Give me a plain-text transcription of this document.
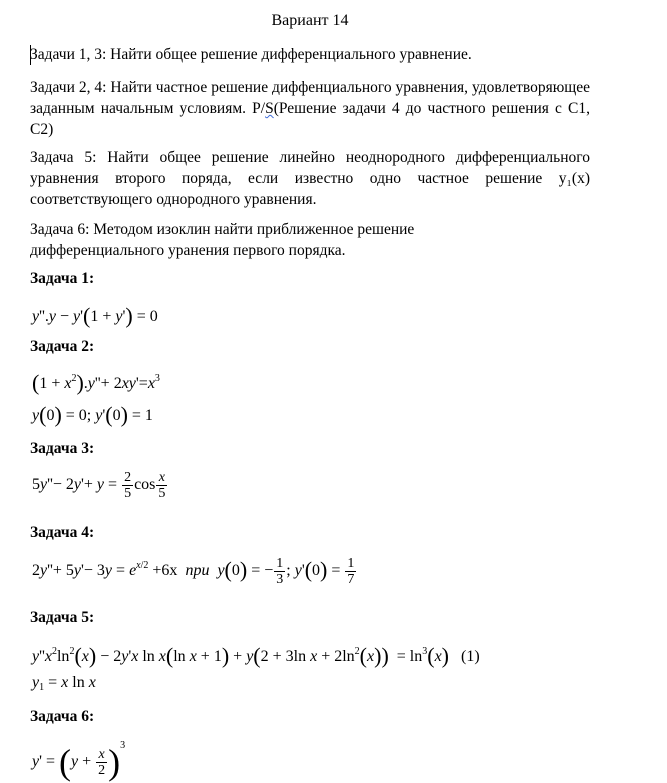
Вариант 14
Задачи 1, 3: Найти общее решение дифференциального уравнение.
Задачи 2, 4: Найти частное решение диффенциального уравнения, удовлетворяющее заданным начальным условиям. P/S(Решение задачи 4 до частного решения с С1, С2)
Задача 5: Найти общее решение линейно неоднородного дифференциального уравнения второго поряда, если известно одно частное решение y₁(x) соответствующего однородного уравнения.
Задача 6: Методом изоклин найти приближенное решение дифференциального уранения первого порядка.
Задача 1:
y''.y − y'(1 + y') = 0
Задача 2:
$(1 + x^2).y''+ 2xy'=x^3$
y(0) = 0; y'(0) = 1
Задача 3:
$5y''- 2y'+ y = \frac{2}{5}$ $\cos \frac{x}{5}$
Задача 4:
$2y''+ 5y'- 3y = e^{x/2} +6x$  при y(0) = − $\frac{1}{3}$ ; $y'(0) = \frac{1}{7}$
Задача 5:
$y''x^2\ln^2(x) - 2y'x$ ln x(ln x + 1) + y(2 + 3ln $x + 2\ln^2(x)) = \ln^3(x)$   (1)
$y_1 = x$ ln x
Задача 6:
$y' = (y + \frac{x}{2} )^3$
